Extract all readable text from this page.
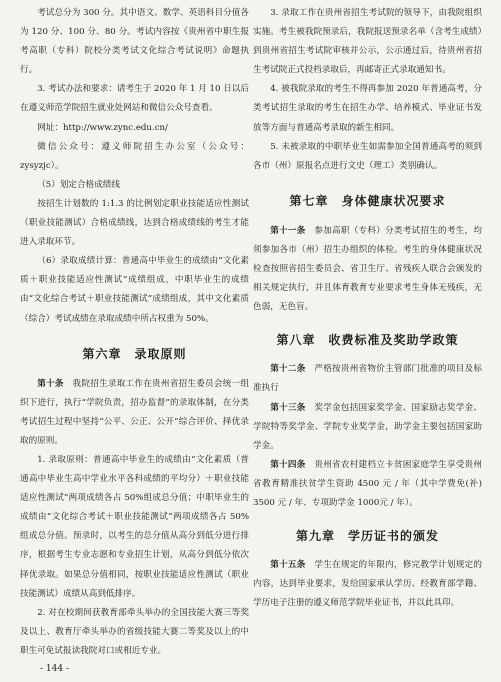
考试总分为 300 分。其中语文、数学、英语科目分值各为 120 分、100 分、80 分。考试内容按《贵州省中职生报考高职（专科）院校分类考试文化综合考试说明》命题执行。

3. 考试办法和要求：请考生于 2020 年 1 月 10 日以后在遵义师范学院招生就业处网站和微信公众号查看。

网址：http://www.zync.edu.cn/

微信公众号：遵义师院招生办公室（公众号：zysyzjc）。

（5）划定合格成绩线

按招生计划数的 1:1.3 的比例划定职业技能适应性测试（职业技能测试）合格成绩线，达到合格成绩线的考生才能进入录取环节。

（6）录取成绩计算：普通高中毕业生的成绩由“文化素质＋职业技能适应性测试”成绩组成，中职毕业生的成绩由“文化综合考试＋职业技能测试”成绩组成，其中文化素质（综合）考试成绩在录取成绩中所占权重为 50%。

第六章　录取原则

第十条　我院招生录取工作在贵州省招生委员会统一组织下进行，执行“学院负责，招办监督”的录取体制，在分类考试招生过程中坚持“公平、公正、公开”综合评价、择优录取的原则。

1. 录取原则：普通高中毕业生的成绩由“文化素质（普通高中毕业生高中学业水平各科成绩的平均分）＋职业技能适应性测试”两项成绩各占 50%组成总分值；中职毕业生的成绩由“文化综合考试＋职业技能测试”两项成绩各占 50% 组成总分值。预录时，以考生的总分值从高分到低分进行排序，根据考生专业志愿和专业招生计划，从高分到低分依次择优录取。如果总分值相同，按职业技能适应性测试（职业技能测试）成绩从高到低排序。

2. 对在校期间获教育部牵头举办的全国技能大赛三等奖及以上、教育厅牵头举办的省级技能大赛二等奖及以上的中职生可免试报读我院对口或相近专业。

3. 录取工作在贵州省招生考试院的领导下，由我院组织实施。考生被我院预录后，我院报送预录名单（含考生成绩）到贵州省招生考试院审核并公示，公示通过后，待贵州省招生考试院正式投档录取后，再邮寄正式录取通知书。

4. 被我院录取的考生不得再参加 2020 年普通高考，分类考试招生录取的考生在招生办学、培养模式、毕业证书发放等方面与普通高考录取的新生相同。

5. 未被录取的中职毕业生如需参加全国普通高考的须到各市（州）原报名点进行文史（理工）类别确认。

第七章　身体健康状况要求

第十一条　参加高职（专科）分类考试招生的考生，均须参加各市（州）招生办组织的体检。考生的身体健康状况检查按照省招生委员会、省卫生厅、省残疾人联合会颁发的相关规定执行，并且体育教育专业要求考生身体无残疾，无色弱，无色盲。

第八章　收费标准及奖助学政策

第十二条　严格按贵州省物价主管部门批准的项目及标准执行

第十三条　奖学金包括国家奖学金、国家励志奖学金、学院特等奖学金、学院专业奖学金，助学金主要包括国家助学金。

第十四条　贵州省农村建档立卡贫困家庭学生享受贵州省教育精准扶贫学生资助 4500 元 / 年（其中学费免(补) 3500 元 / 年、专项助学金 1000元 / 年）。

第九章　学历证书的颁发

第十五条　学生在规定的年限内，修完教学计划规定的内容，达到毕业要求，发给国家承认学历、经教育部学籍、学历电子注册的遵义师范学院毕业证书，并以此具印。

- 144 -
